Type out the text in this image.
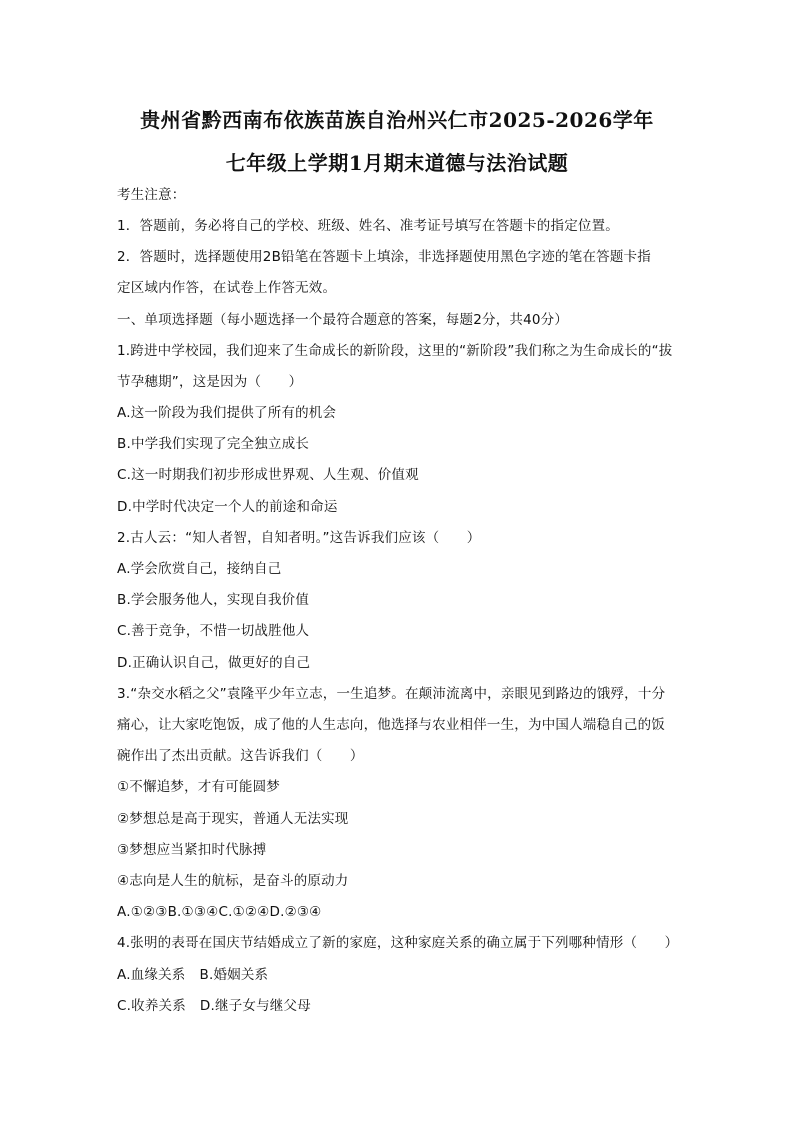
贵州省黔西南布依族苗族自治州兴仁市2025-2026学年
七年级上学期1月期末道德与法治试题
考生注意：
1．答题前，务必将自己的学校、班级、姓名、准考证号填写在答题卡的指定位置。
2．答题时，选择题使用2B铅笔在答题卡上填涂，非选择题使用黑色字迹的笔在答题卡指
定区域内作答，在试卷上作答无效。
一、单项选择题（每小题选择一个最符合题意的答案，每题2分，共40分）
1.跨进中学校园，我们迎来了生命成长的新阶段，这里的“新阶段”我们称之为生命成长的“拔
节孕穗期”，这是因为（　　）
A.这一阶段为我们提供了所有的机会
B.中学我们实现了完全独立成长
C.这一时期我们初步形成世界观、人生观、价值观
D.中学时代决定一个人的前途和命运
2.古人云：“知人者智，自知者明。”这告诉我们应该（　　）
A.学会欣赏自己，接纳自己
B.学会服务他人，实现自我价值
C.善于竞争，不惜一切战胜他人
D.正确认识自己，做更好的自己
3.“杂交水稻之父”袁隆平少年立志，一生追梦。在颠沛流离中，亲眼见到路边的饿殍，十分
痛心，让大家吃饱饭，成了他的人生志向，他选择与农业相伴一生，为中国人端稳自己的饭
碗作出了杰出贡献。这告诉我们（　　）
①不懈追梦，才有可能圆梦
②梦想总是高于现实，普通人无法实现
③梦想应当紧扣时代脉搏
④志向是人生的航标，是奋斗的原动力
A.①②③B.①③④C.①②④D.②③④
4.张明的表哥在国庆节结婚成立了新的家庭，这种家庭关系的确立属于下列哪种情形（　　）
A.血缘关系 B.婚姻关系
C.收养关系 D.继子女与继父母
